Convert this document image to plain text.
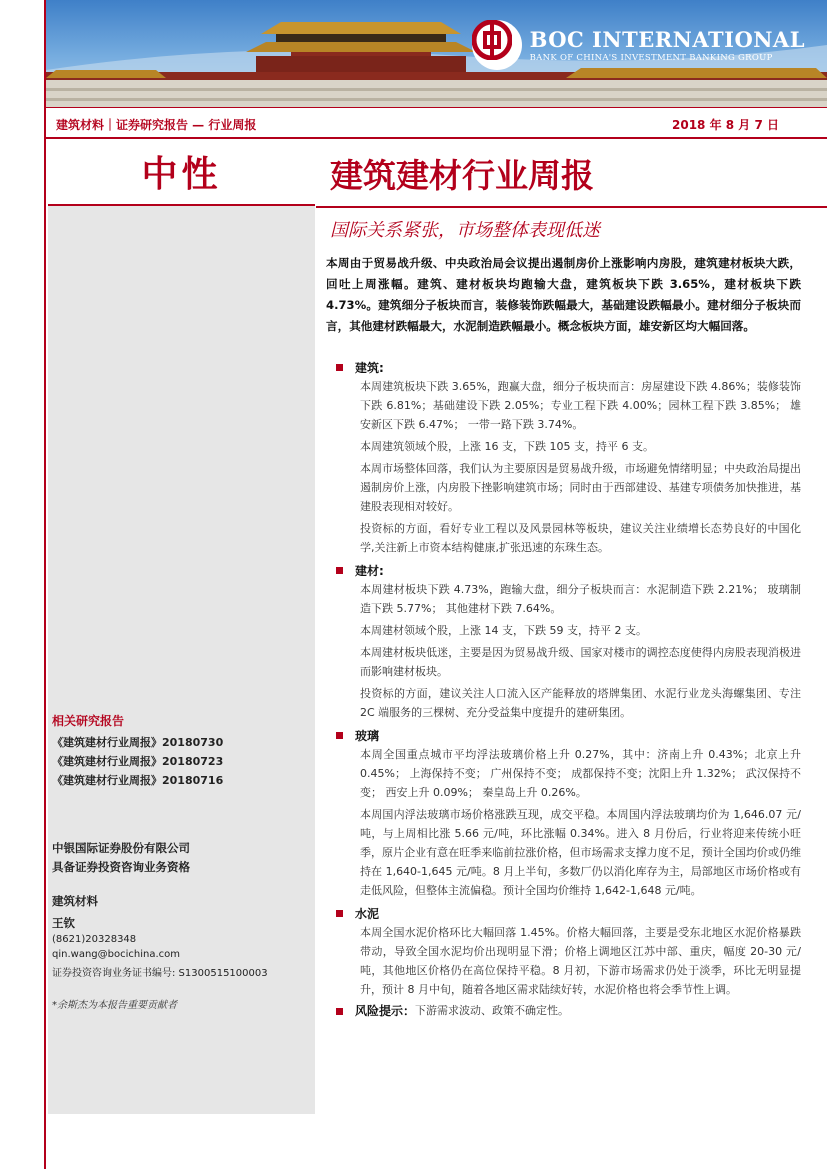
BOC INTERNATIONAL
BANK OF CHINA'S INVESTMENT BANKING GROUP
建筑材料｜证券研究报告 — 行业周报	2018 年 8 月 7 日
中性	建筑建材行业周报
国际关系紧张，市场整体表现低迷
本周由于贸易战升级、中央政治局会议提出遏制房价上涨影响内房股，建筑建材板块大跌，回吐上周涨幅。建筑、建材板块均跑输大盘，建筑板块下跌 3.65%，建材板块下跌 4.73%。建筑细分子板块而言，装修装饰跌幅最大，基础建设跌幅最小。建材细分子板块而言，其他建材跌幅最大，水泥制造跌幅最小。概念板块方面，雄安新区均大幅回落。
建筑:

本周建筑板块下跌 3.65%，跑赢大盘，细分子板块而言：房屋建设下跌 4.86%；装修装饰下跌 6.81%；基础建设下跌 2.05%；专业工程下跌 4.00%；园林工程下跌 3.85%； 雄安新区下跌 6.47%； 一带一路下跌 3.74%。

本周建筑领域个股，上涨 16 支，下跌 105 支，持平 6 支。

本周市场整体回落，我们认为主要原因是贸易战升级，市场避免情绪明显；中央政治局提出遏制房价上涨，内房股下挫影响建筑市场；同时由于西部建设、基建专项债务加快推进，基建股表现相对较好。

投资标的方面，看好专业工程以及风景园林等板块，建议关注业绩增长态势良好的中国化学,关注新上市资本结构健康,扩张迅速的东珠生态。

建材:

本周建材板块下跌 4.73%，跑输大盘，细分子板块而言：水泥制造下跌 2.21%； 玻璃制造下跌 5.77%； 其他建材下跌 7.64%。

本周建材领域个股，上涨 14 支，下跌 59 支，持平 2 支。

本周建材板块低迷，主要是因为贸易战升级、国家对楼市的调控态度使得内房股表现消极进而影响建材板块。

投资标的方面，建议关注人口流入区产能释放的塔牌集团、水泥行业龙头海螺集团、专注 2C 端服务的三棵树、充分受益集中度提升的建研集团。

玻璃

本周全国重点城市平均浮法玻璃价格上升 0.27%，其中：济南上升 0.43%；北京上升 0.45%； 上海保持不变； 广州保持不变； 成都保持不变；沈阳上升 1.32%； 武汉保持不变； 西安上升 0.09%； 秦皇岛上升 0.26%。

本周国内浮法玻璃市场价格涨跌互现，成交平稳。本周国内浮法玻璃均价为 1,646.07 元/吨，与上周相比涨 5.66 元/吨，环比涨幅 0.34%。进入 8 月份后，行业将迎来传统小旺季，原片企业有意在旺季来临前拉涨价格，但市场需求支撑力度不足，预计全国均价或仍维持在 1,640-1,645 元/吨。8 月上半旬，多数厂仍以消化库存为主，局部地区市场价格或有走低风险，但整体主流偏稳。预计全国均价维持 1,642-1,648 元/吨。

水泥

本周全国水泥价格环比大幅回落 1.45%。价格大幅回落，主要是受东北地区水泥价格暴跌带动，导致全国水泥均价出现明显下滑；价格上调地区江苏中部、重庆，幅度 20-30 元/吨，其他地区价格仍在高位保持平稳。8 月初，下游市场需求仍处于淡季，环比无明显提升，预计 8 月中旬，随着各地区需求陆续好转，水泥价格也将会季节性上调。

风险提示： 下游需求波动、政策不确定性。
相关研究报告
《建筑建材行业周报》20180730
《建筑建材行业周报》20180723
《建筑建材行业周报》20180716
中银国际证券股份有限公司
具备证券投资咨询业务资格
建筑材料
王钦
(8621)20328348
qin.wang@bocichina.com
证券投资咨询业务证书编号: S1300515100003
*余斯杰为本报告重要贡献者
